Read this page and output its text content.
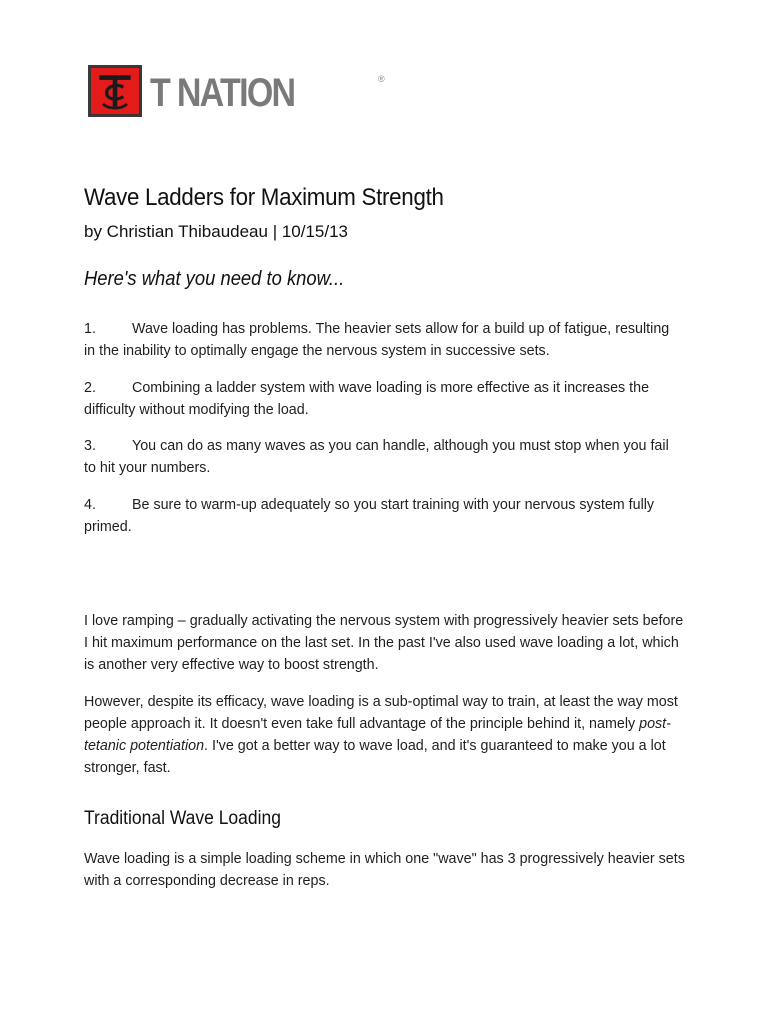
T NATION	®
Wave Ladders for Maximum Strength
by Christian Thibaudeau | 10/15/13
Here's what you need to know...
1.	Wave loading has problems. The heavier sets allow for a build up of fatigue, resulting in the inability to optimally engage the nervous system in successive sets.
2.	Combining a ladder system with wave loading is more effective as it increases the difficulty without modifying the load.
3.	You can do as many waves as you can handle, although you must stop when you fail to hit your numbers.
4.	Be sure to warm-up adequately so you start training with your nervous system fully primed.

I love ramping – gradually activating the nervous system with progressively heavier sets before I hit maximum performance on the last set. In the past I've also used wave loading a lot, which is another very effective way to boost strength.

However, despite its efficacy, wave loading is a sub-optimal way to train, at least the way most people approach it. It doesn't even take full advantage of the principle behind it, namely post-tetanic potentiation. I've got a better way to wave load, and it's guaranteed to make you a lot stronger, fast.

Traditional Wave Loading

Wave loading is a simple loading scheme in which one "wave" has 3 progressively heavier sets with a corresponding decrease in reps.
